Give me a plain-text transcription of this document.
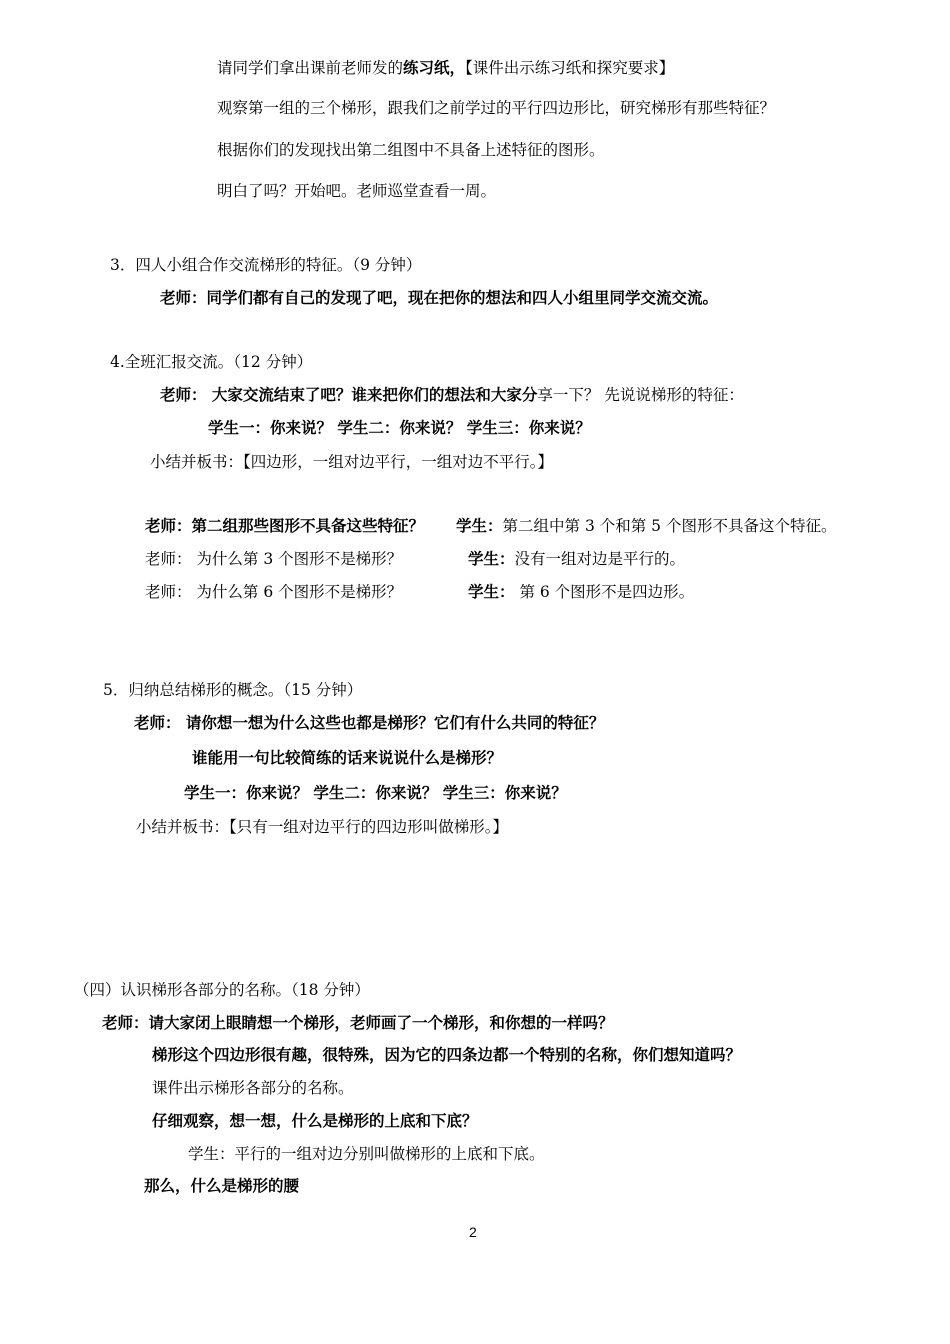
请同学们拿出课前老师发的练习纸，【课件出示练习纸和探究要求】
观察第一组的三个梯形，跟我们之前学过的平行四边形比，研究梯形有那些特征？
根据你们的发现找出第二组图中不具备上述特征的图形。
明白了吗？开始吧。老师巡堂查看一周。
3．四人小组合作交流梯形的特征。（9 分钟）
老师：同学们都有自己的发现了吧，现在把你的想法和四人小组里同学交流交流。
4.全班汇报交流。（12 分钟）
老师： 大家交流结束了吧？谁来把你们的想法和大家分享一下？ 先说说梯形的特征：
学生一：你来说？ 学生二：你来说？ 学生三：你来说？
小结并板书：【四边形，一组对边平行，一组对边不平行。】
老师：第二组那些图形不具备这些特征？ 学生：第二组中第 3 个和第 5 个图形不具备这个特征。
老师： 为什么第 3 个图形不是梯形？	学生：没有一组对边是平行的。
老师： 为什么第 6 个图形不是梯形？	学生： 第 6 个图形不是四边形。
5．归纳总结梯形的概念。（15 分钟）
老师： 请你想一想为什么这些也都是梯形？它们有什么共同的特征？
谁能用一句比较简练的话来说说什么是梯形？
学生一：你来说？ 学生二：你来说？ 学生三：你来说？
小结并板书：【只有一组对边平行的四边形叫做梯形。】
（四）认识梯形各部分的名称。（18 分钟）
老师：请大家闭上眼睛想一个梯形，老师画了一个梯形，和你想的一样吗？
梯形这个四边形很有趣，很特殊，因为它的四条边都一个特别的名称，你们想知道吗？
课件出示梯形各部分的名称。
仔细观察，想一想，什么是梯形的上底和下底？
学生：平行的一组对边分别叫做梯形的上底和下底。
那么，什么是梯形的腰
2
